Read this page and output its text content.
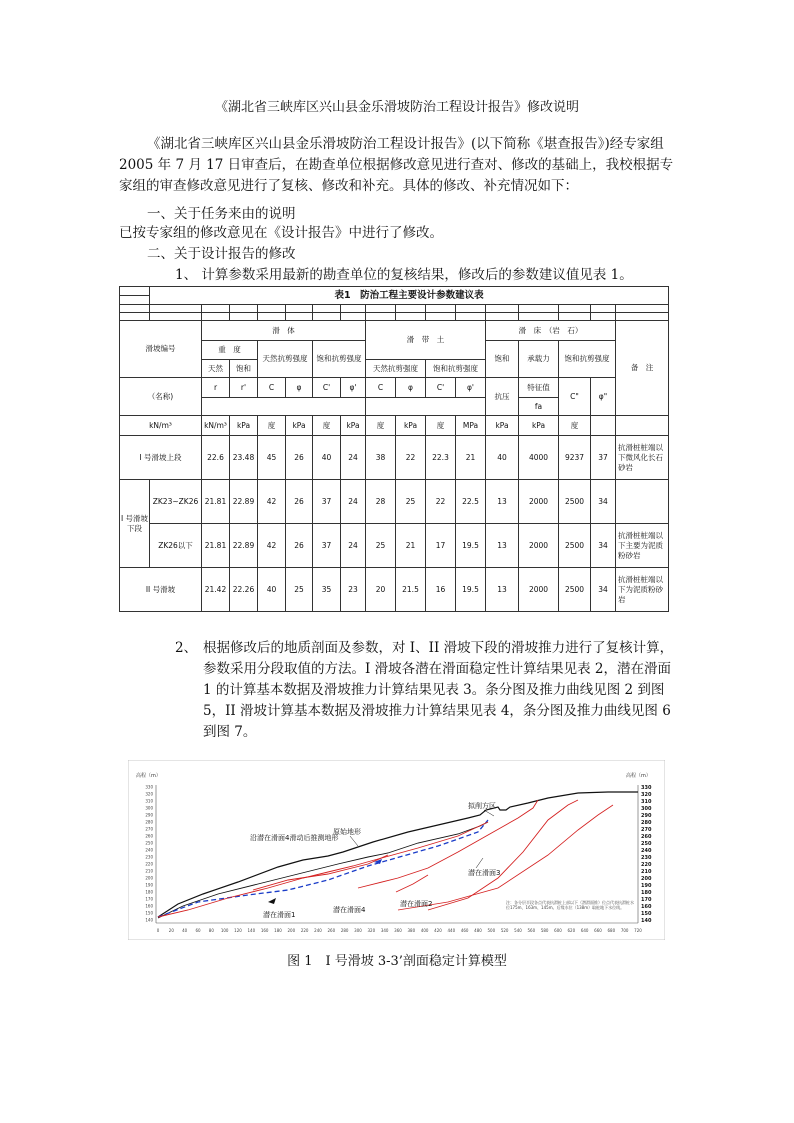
《湖北省三峡库区兴山县金乐滑坡防治工程设计报告》修改说明
《湖北省三峡库区兴山县金乐滑坡防治工程设计报告》(以下简称《堪查报告》)经专家组 2005 年 7 月 17 日审查后，在勘查单位根据修改意见进行查对、修改的基础上，我校根据专家组的审查修改意见进行了复核、修改和补充。具体的修改、补充情况如下：
一、关于任务来由的说明
已按专家组的修改意见在《设计报告》中进行了修改。
二、关于设计报告的修改
1、 计算参数采用最新的勘查单位的复核结果，修改后的参数建议值见表 1。
	表1　防治工程主要设计参数建议表															

滑坡编号		滑　体						滑　带　土				滑　床　（岩　石）				备　注
		重　度		天然抗剪强度		饱和抗剪强度						饱和	承载力	饱和抗剪强度		
		天然	饱和					天然抗剪强度		饱和抗剪强度						
（名称)		r	r'	C	φ	C'	φ'	C	φ	C'	φ'	抗压	特征值	C"	φ"	
													fa			
kN/m³		kN/m³	kPa	度	kPa	度	kPa	度	kPa	度	MPa	kPa	kPa	度		
I 号滑坡上段		22.6	23.48	45	26	40	24	38	22	22.3	21	40	4000	9237	37	抗滑桩桩端以下微风化长石砂岩
I 号滑坡下段	ZK23~ZK26	21.81	22.89	42	26	37	24	28	25	22	22.5	13	2000	2500	34	
	ZK26以下	21.81	22.89	42	26	37	24	25	21	17	19.5	13	2000	2500	34	抗滑桩桩端以下主要为泥质粉砂岩
II 号滑坡		21.42	22.26	40	25	35	23	20	21.5	16	19.5	13	2000	2500	34	抗滑桩桩端以下为泥质粉砂岩
2、 根据修改后的地质剖面及参数，对 I、II 滑坡下段的滑坡推力进行了复核计算，参数采用分段取值的方法。I 滑坡各潜在滑面稳定性计算结果见表 2，潜在滑面 1 的计算基本数据及滑坡推力计算结果见表 3。条分图及推力曲线见图 2 到图 5，II 滑坡计算基本数据及滑坡推力计算结果见表 4，条分图及推力曲线见图 6 到图 7。
高程（m）	高程（m）
330
320
310
300
290
280
270
260
250
240
230
220
210
200
190
180
170
160
150
140
330
320
310
300
290
280
270
260
250
240
230
220
210
200
190
180
170
160
150
140
0 20 40 60 80 100 120 140 160 180 200 220 240 260 280 300 320 340 360 380 400 420 440 460 480 500 520 540 560 580 600 620 640 660 680 700 720
拟削方区
原始地形
沿潜在滑面4滑动后推测地形
潜在滑面3
潜在滑面2
潜在滑面4
潜在滑面1
注：各分层半段各点代表抗滑桩上部以下（潜滑面推）位点代表抗滑桩水位175m、163m、145m。后缘水位（138m）取桩地下水位线。
图 1　I 号滑坡 3-3’剖面稳定计算模型
